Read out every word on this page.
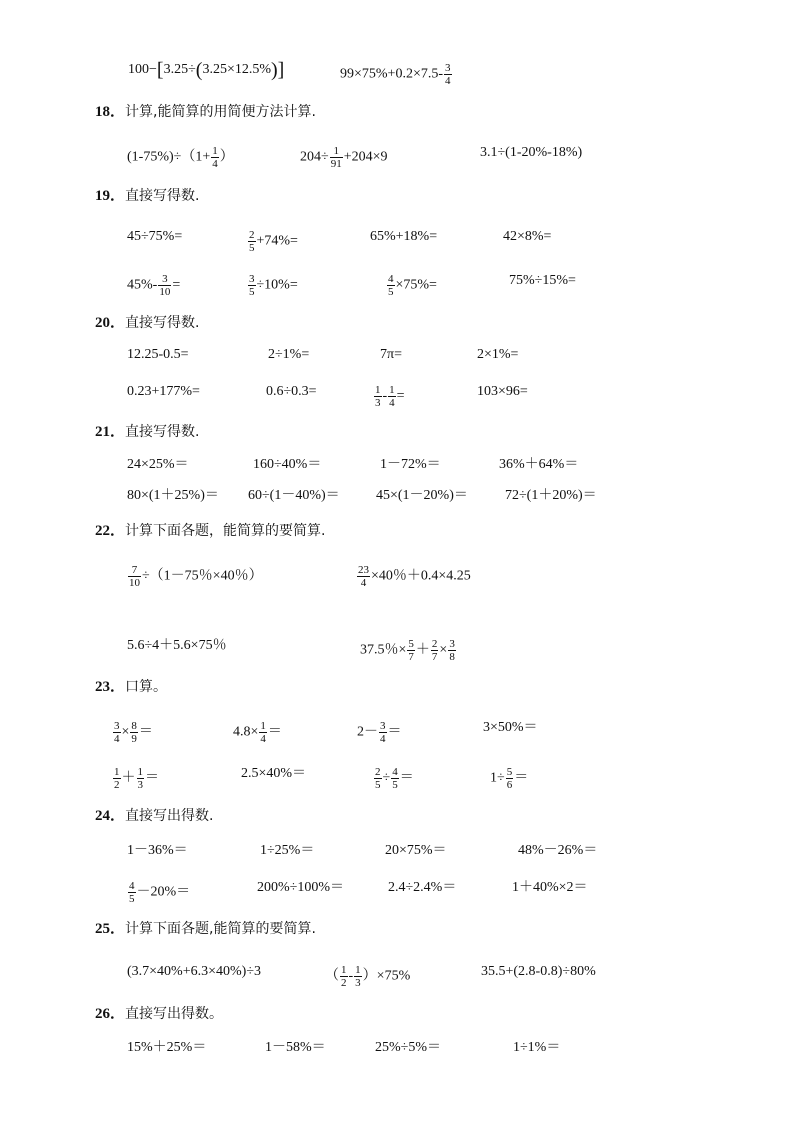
100−[3.25÷(3.25×12.5%)]	$99\times 75\%+0.2\times 7.5- \frac{3}{4}$
18．计算,能简算的用简便方法计算.
$(1-75\%)\div(1+ \frac{1}{4}$ ）	$204\div \frac{1}{91} +204\times 9$	3.1÷(1-20%-18%)
19．直接写得数.
45÷75%=	$\frac{2}{5} +74\%=$	65%+18%=	42×8%=
$45\%- \frac{3}{10}$ =	$\frac{3}{5} \div 10\%=$	$\frac{4}{5} \times 75\%=$	75%÷15%=
20．直接写得数.
12.25-0.5=	2÷1%=	7π=	2×1%=
0.23+177%=	0.6÷0.3=	$\frac{1}{3} - \frac{1}{4}$ =	103×96=
21．直接写得数.
24×25%＝	160÷40%＝	1－72%＝	36%＋64%＝
80×(1＋25%)＝ 60÷(1－40%)＝	45×(1－20%)＝	72÷(1＋20%)＝
22．计算下面各题，能简算的要简算.
$\frac{7}{10} \div(1-75$％×40％）	$\frac{23}{4} \times 40$％＋0.4×4.25
5.6÷4＋5.6×75％	37.5％× $\frac{5}{7} + \frac{2}{7} \times \frac{3}{8}$
23．口算。
$\frac{3}{4} \times \frac{8}{9}$ ＝	$4.8\times \frac{1}{4}$ ＝	$2- \frac{3}{4}$ ＝	3×50%＝
$\frac{1}{2} + \frac{1}{3}$ ＝	2.5×40%＝	$\frac{2}{5} \div \frac{4}{5}$ ＝	$1\div \frac{5}{6}$ ＝
24．直接写出得数.
1－36%＝	1÷25%＝	20×75%＝	48%－26%＝
$\frac{4}{5} -20\%=$	200%÷100%＝	2.4÷2.4%＝	1＋40%×2＝
25．计算下面各题,能简算的要简算.
(3.7×40%+6.3×40%)÷3	（ $\frac{1}{2} - \frac{1}{3} )\times 75\%$	35.5+(2.8-0.8)÷80%
26．直接写出得数。
15%＋25%＝	1－58%＝	25%÷5%＝	1÷1%＝
